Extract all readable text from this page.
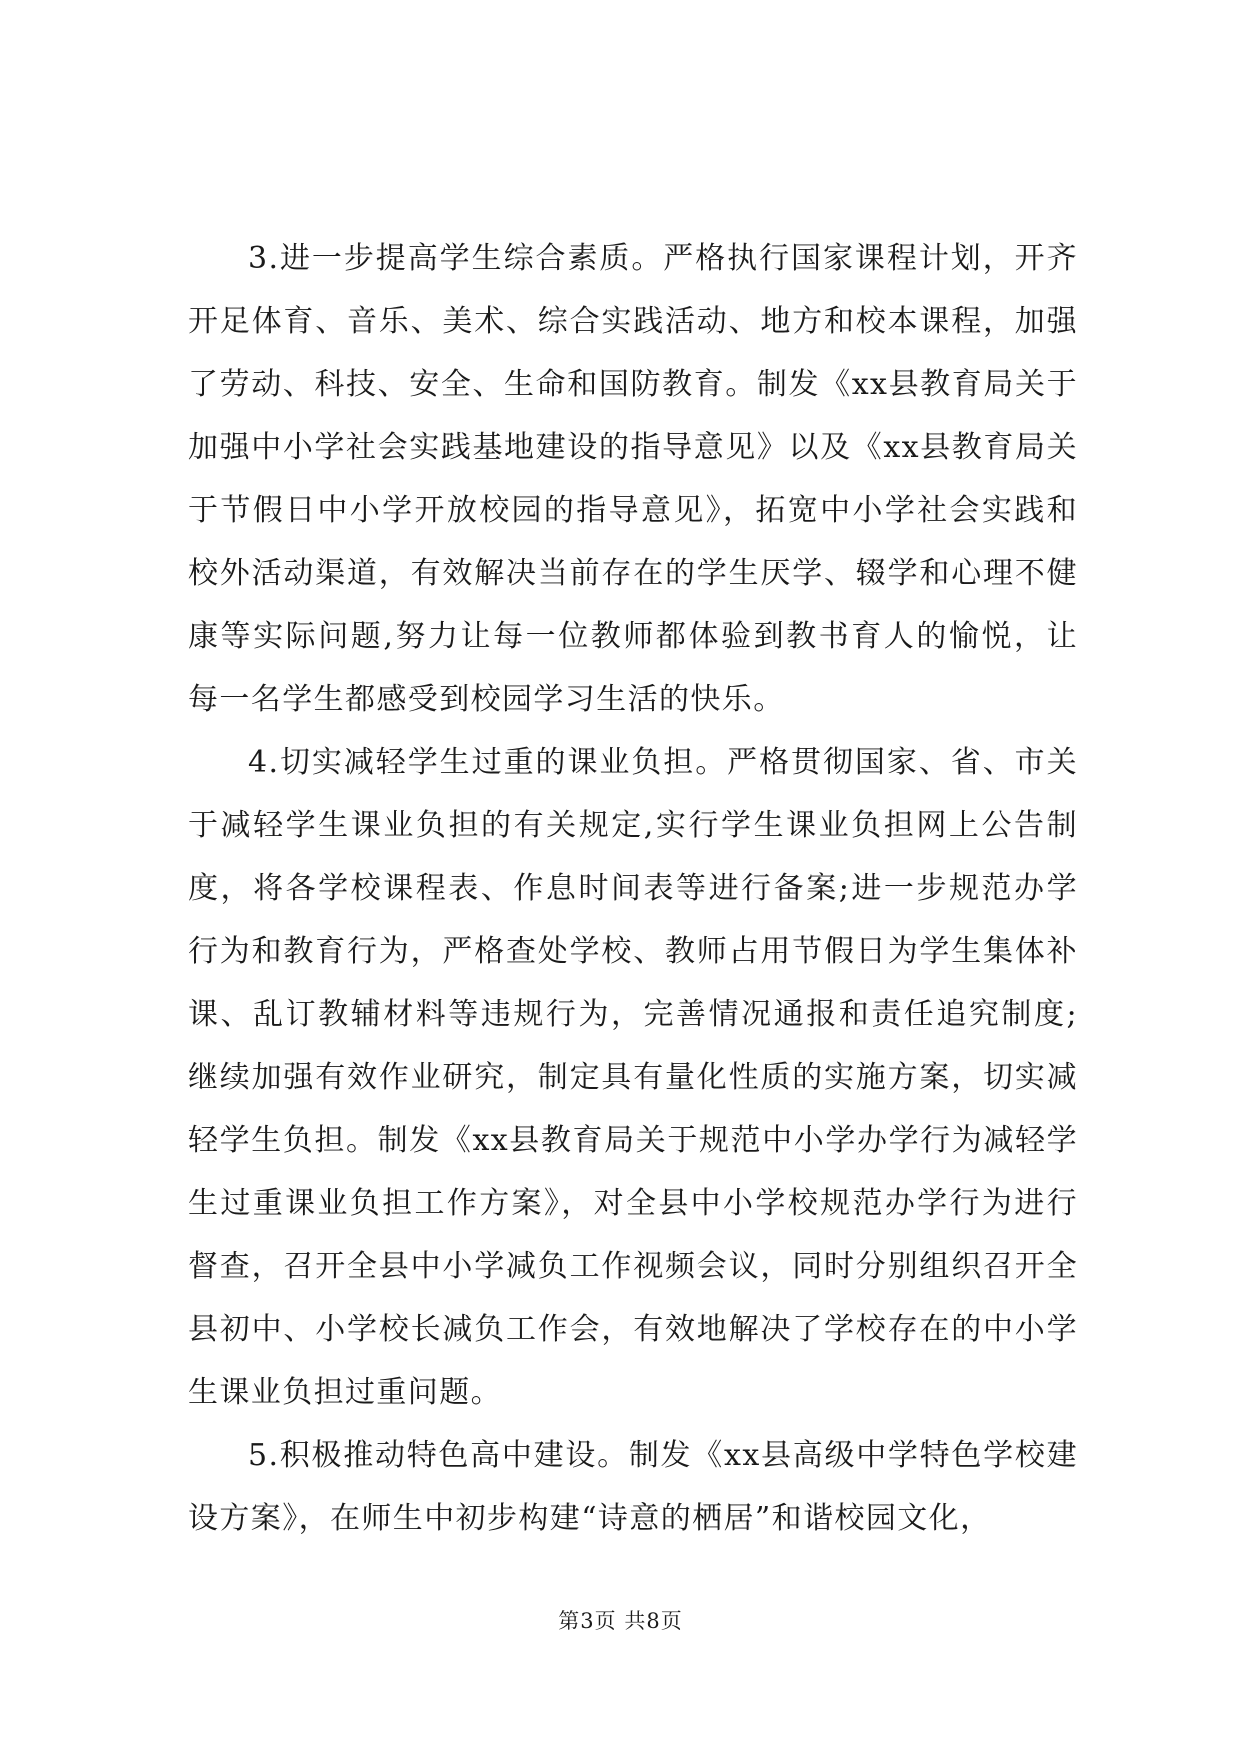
3.进一步提高学生综合素质。严格执行国家课程计划，开齐开足体育、音乐、美术、综合实践活动、地方和校本课程，加强了劳动、科技、安全、生命和国防教育。制发《xx县教育局关于加强中小学社会实践基地建设的指导意见》以及《xx县教育局关于节假日中小学开放校园的指导意见》，拓宽中小学社会实践和校外活动渠道，有效解决当前存在的学生厌学、辍学和心理不健康等实际问题,努力让每一位教师都体验到教书育人的愉悦，让每一名学生都感受到校园学习生活的快乐。

4.切实减轻学生过重的课业负担。严格贯彻国家、省、市关于减轻学生课业负担的有关规定,实行学生课业负担网上公告制度，将各学校课程表、作息时间表等进行备案;进一步规范办学行为和教育行为，严格查处学校、教师占用节假日为学生集体补课、乱订教辅材料等违规行为，完善情况通报和责任追究制度;继续加强有效作业研究，制定具有量化性质的实施方案，切实减轻学生负担。制发《xx县教育局关于规范中小学办学行为减轻学生过重课业负担工作方案》，对全县中小学校规范办学行为进行督查，召开全县中小学减负工作视频会议，同时分别组织召开全县初中、小学校长减负工作会，有效地解决了学校存在的中小学生课业负担过重问题。

5.积极推动特色高中建设。制发《xx县高级中学特色学校建设方案》，在师生中初步构建“诗意的栖居”和谐校园文化，

第3页 共8页
